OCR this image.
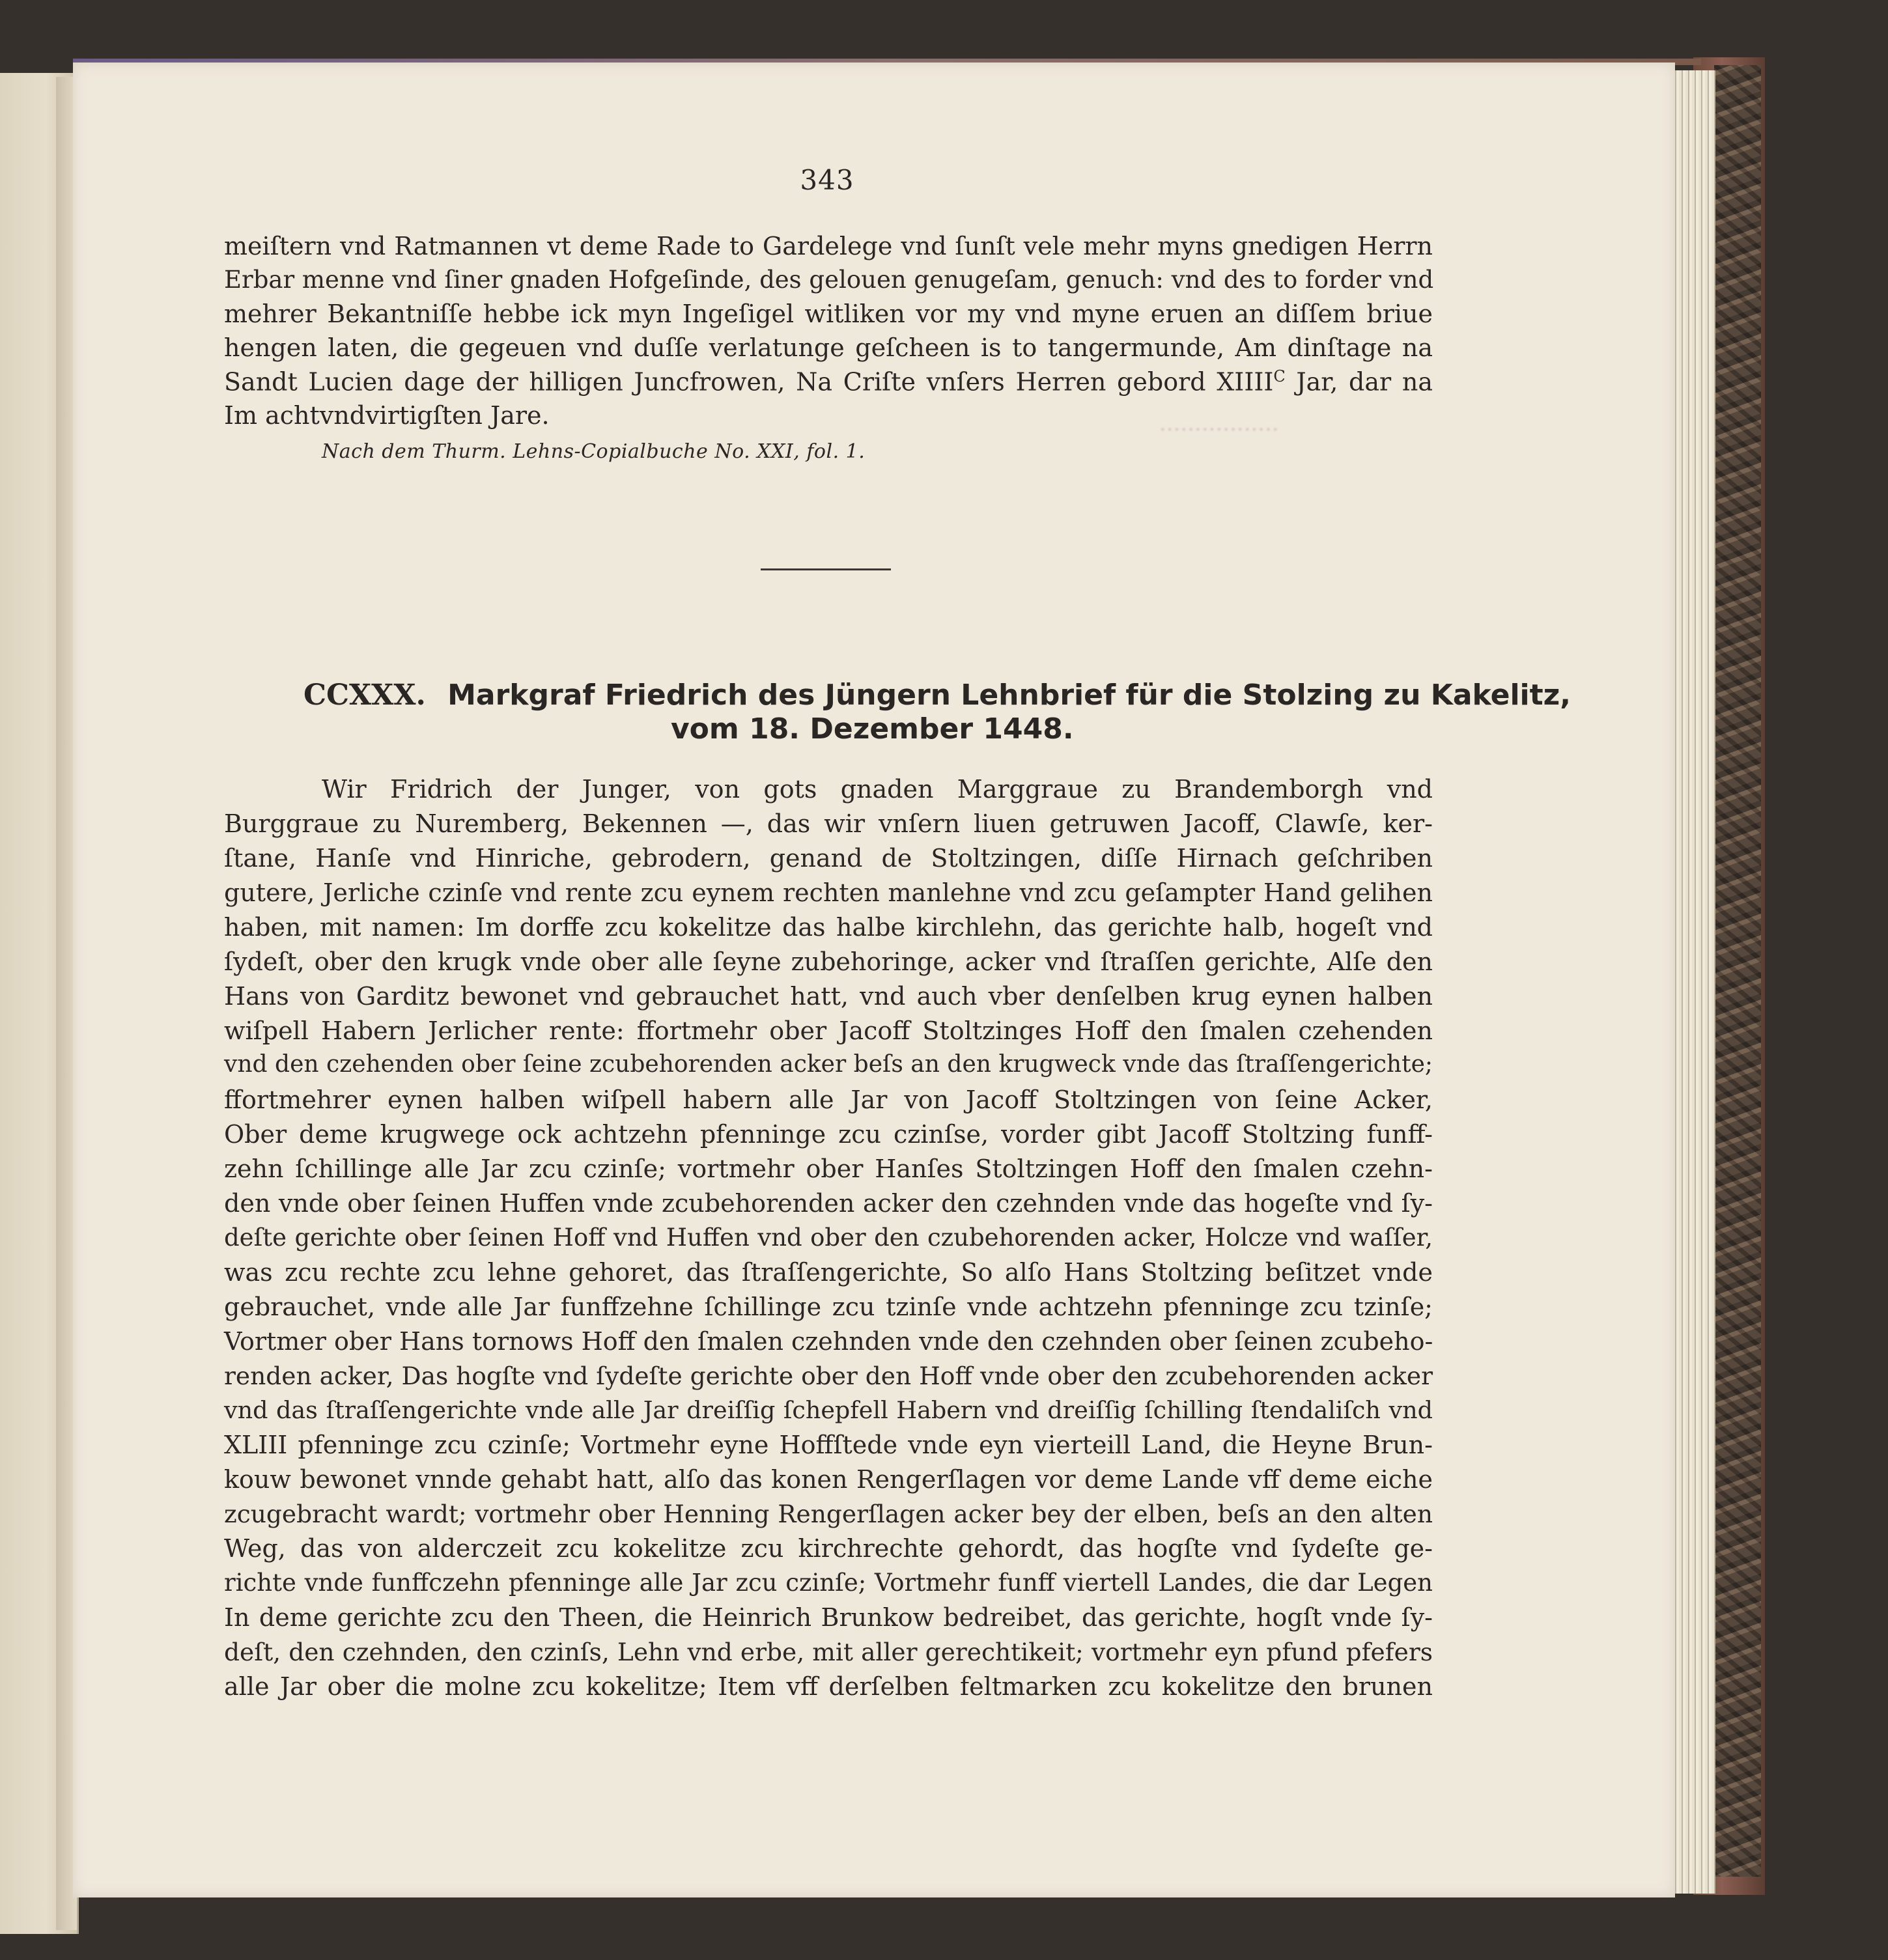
·················
343
meiſtern vnd Ratmannen vt deme Rade to Gardelege vnd ſunſt vele mehr myns gnedigen Herrn
Erbar menne vnd ſiner gnaden Hofgeſinde, des gelouen genugeſam, genuch: vnd des to forder vnd
mehrer Bekantniſſe hebbe ick myn Ingeſigel witliken vor my vnd myne eruen an diſſem briue
hengen laten, die gegeuen vnd duſſe verlatunge geſcheen is to tangermunde, Am dinſtage na
Sandt Lucien dage der hilligen Juncfrowen, Na Criſte vnſers Herren gebord $XIIII^C$ Jar, dar na
Im achtvndvirtigſten Jare.
Nach dem Thurm. Lehns-Copialbuche No. XXI, fol. 1.
CCXXX. Markgraf Friedrich des Jüngern Lehnbrief für die Stolzing zu Kakelitz,
vom 18. Dezember 1448.
Wir Fridrich der Junger, von gots gnaden Marggraue zu Brandemborgh vnd
Burggraue zu Nuremberg, Bekennen —, das wir vnſern liuen getruwen Jacoff, Clawſe, ker-
ſtane, Hanſe vnd Hinriche, gebrodern, genand de Stoltzingen, diſſe Hirnach geſchriben
gutere, Jerliche czinſe vnd rente zcu eynem rechten manlehne vnd zcu geſampter Hand gelihen
haben, mit namen: Im dorffe zcu kokelitze das halbe kirchlehn, das gerichte halb, hogeſt vnd
ſydeſt, ober den krugk vnde ober alle ſeyne zubehoringe, acker vnd ſtraſſen gerichte, Alſe den
Hans von Garditz bewonet vnd gebrauchet hatt, vnd auch vber denſelben krug eynen halben
wiſpell Habern Jerlicher rente: ffortmehr ober Jacoff Stoltzinges Hoff den ſmalen czehenden
vnd den czehenden ober ſeine zcubehorenden acker beſs an den krugweck vnde das ſtraſſengerichte;
ffortmehrer eynen halben wiſpell habern alle Jar von Jacoff Stoltzingen von ſeine Acker,
Ober deme krugwege ock achtzehn pfenninge zcu czinſse, vorder gibt Jacoff Stoltzing funff-
zehn ſchillinge alle Jar zcu czinſe; vortmehr ober Hanſes Stoltzingen Hoff den ſmalen czehn-
den vnde ober ſeinen Huffen vnde zcubehorenden acker den czehnden vnde das hogeſte vnd ſy-
deſte gerichte ober ſeinen Hoff vnd Huffen vnd ober den czubehorenden acker, Holcze vnd waſſer,
was zcu rechte zcu lehne gehoret, das ſtraſſengerichte, So alſo Hans Stoltzing beſitzet vnde
gebrauchet, vnde alle Jar funffzehne ſchillinge zcu tzinſe vnde achtzehn pfenninge zcu tzinſe;
Vortmer ober Hans tornows Hoff den ſmalen czehnden vnde den czehnden ober ſeinen zcubeho-
renden acker, Das hogſte vnd ſydeſte gerichte ober den Hoff vnde ober den zcubehorenden acker
vnd das ſtraſſengerichte vnde alle Jar dreiſſig ſchepfell Habern vnd dreiſſig ſchilling ſtendaliſch vnd
XLIII pfenninge zcu czinſe; Vortmehr eyne Hoffſtede vnde eyn vierteill Land, die Heyne Brun-
kouw bewonet vnnde gehabt hatt, alſo das konen Rengerſlagen vor deme Lande vff deme eiche
zcugebracht wardt; vortmehr ober Henning Rengerſlagen acker bey der elben, beſs an den alten
Weg, das von alderczeit zcu kokelitze zcu kirchrechte gehordt, das hogſte vnd ſydeſte ge-
richte vnde funffczehn pfenninge alle Jar zcu czinſe; Vortmehr funff viertell Landes, die dar Legen
In deme gerichte zcu den Theen, die Heinrich Brunkow bedreibet, das gerichte, hogſt vnde ſy-
deſt, den czehnden, den czinſs, Lehn vnd erbe, mit aller gerechtikeit; vortmehr eyn pfund pfefers
alle Jar ober die molne zcu kokelitze; Item vff derſelben feltmarken zcu kokelitze den brunen
